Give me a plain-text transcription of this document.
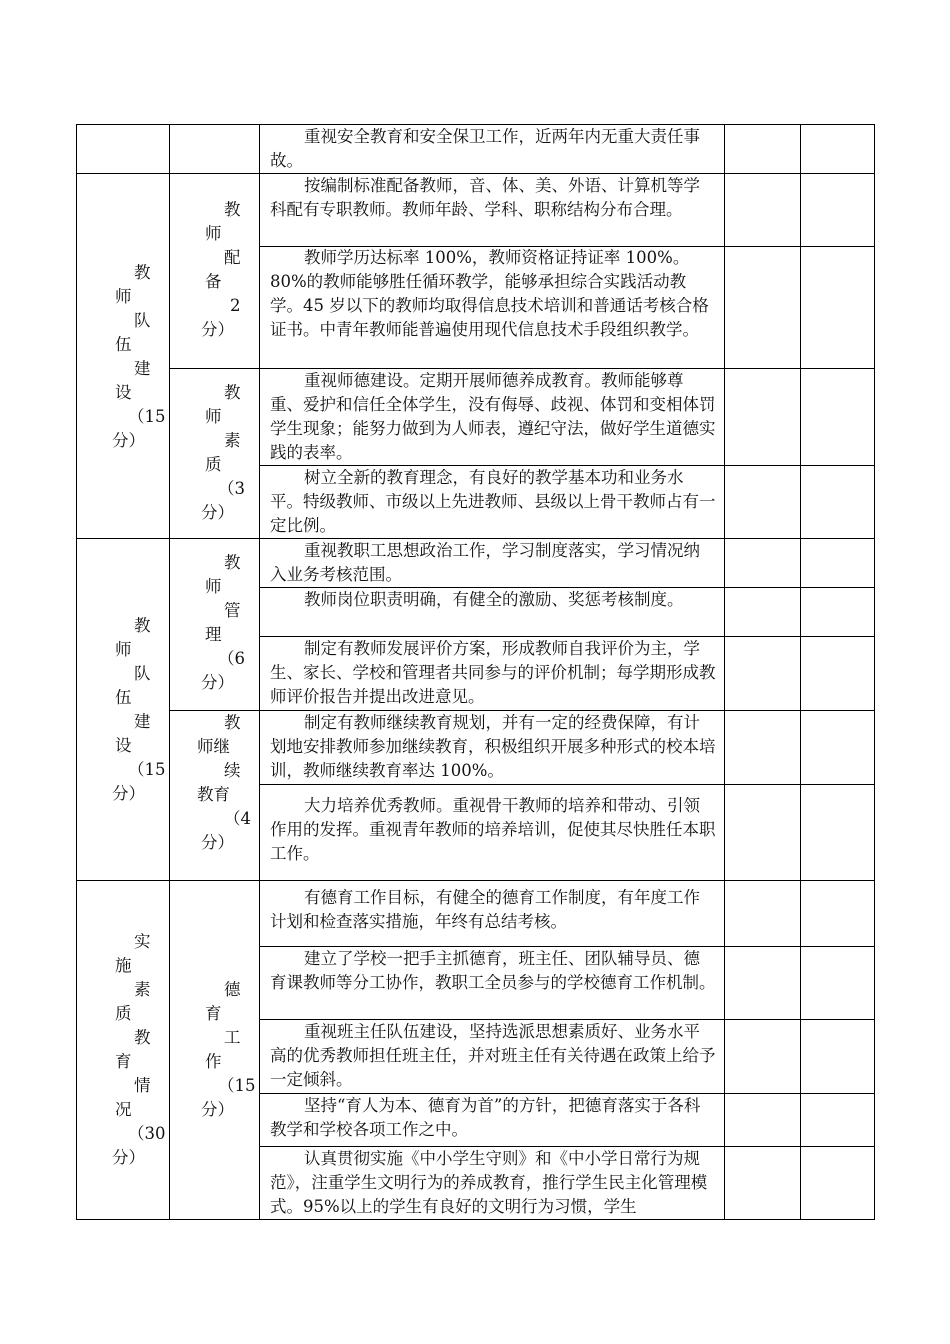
重视安全教育和安全保卫工作，近两年内无重大责任事故。
教
师
队
伍
建
设
（15
分）
教
师
配
备
2
分）
按编制标准配备教师，音、体、美、外语、计算机等学科配有专职教师。教师年龄、学科、职称结构分布合理。
教师学历达标率 100%，教师资格证持证率 100%。80%的教师能够胜任循环教学，能够承担综合实践活动教学。45 岁以下的教师均取得信息技术培训和普通话考核合格证书。中青年教师能普遍使用现代信息技术手段组织教学。
教
师
素
质
（3
分）
重视师德建设。定期开展师德养成教育。教师能够尊重、爱护和信任全体学生，没有侮辱、歧视、体罚和变相体罚学生现象；能努力做到为人师表，遵纪守法，做好学生道德实践的表率。
树立全新的教育理念，有良好的教学基本功和业务水平。特级教师、市级以上先进教师、县级以上骨干教师占有一定比例。
教
师
队
伍
建
设
（15
分）
教
师
管
理
（6
分）
重视教职工思想政治工作，学习制度落实，学习情况纳入业务考核范围。
教师岗位职责明确，有健全的激励、奖惩考核制度。
制定有教师发展评价方案，形成教师自我评价为主，学生、家长、学校和管理者共同参与的评价机制；每学期形成教师评价报告并提出改进意见。
教
师继
续
教育
（4
分）
制定有教师继续教育规划，并有一定的经费保障，有计划地安排教师参加继续教育，积极组织开展多种形式的校本培训，教师继续教育率达 100%。
大力培养优秀教师。重视骨干教师的培养和带动、引领作用的发挥。重视青年教师的培养培训，促使其尽快胜任本职工作。
实
施
素
质
教
育
情
况
（30
分）
德
育
工
作
（15
分）
有德育工作目标，有健全的德育工作制度，有年度工作计划和检查落实措施，年终有总结考核。
建立了学校一把手主抓德育，班主任、团队辅导员、德育课教师等分工协作，教职工全员参与的学校德育工作机制。
重视班主任队伍建设，坚持选派思想素质好、业务水平高的优秀教师担任班主任，并对班主任有关待遇在政策上给予一定倾斜。
坚持“育人为本、德育为首”的方针，把德育落实于各科教学和学校各项工作之中。
认真贯彻实施《中小学生守则》和《中小学日常行为规范》，注重学生文明行为的养成教育，推行学生民主化管理模式。95%以上的学生有良好的文明行为习惯，学生
